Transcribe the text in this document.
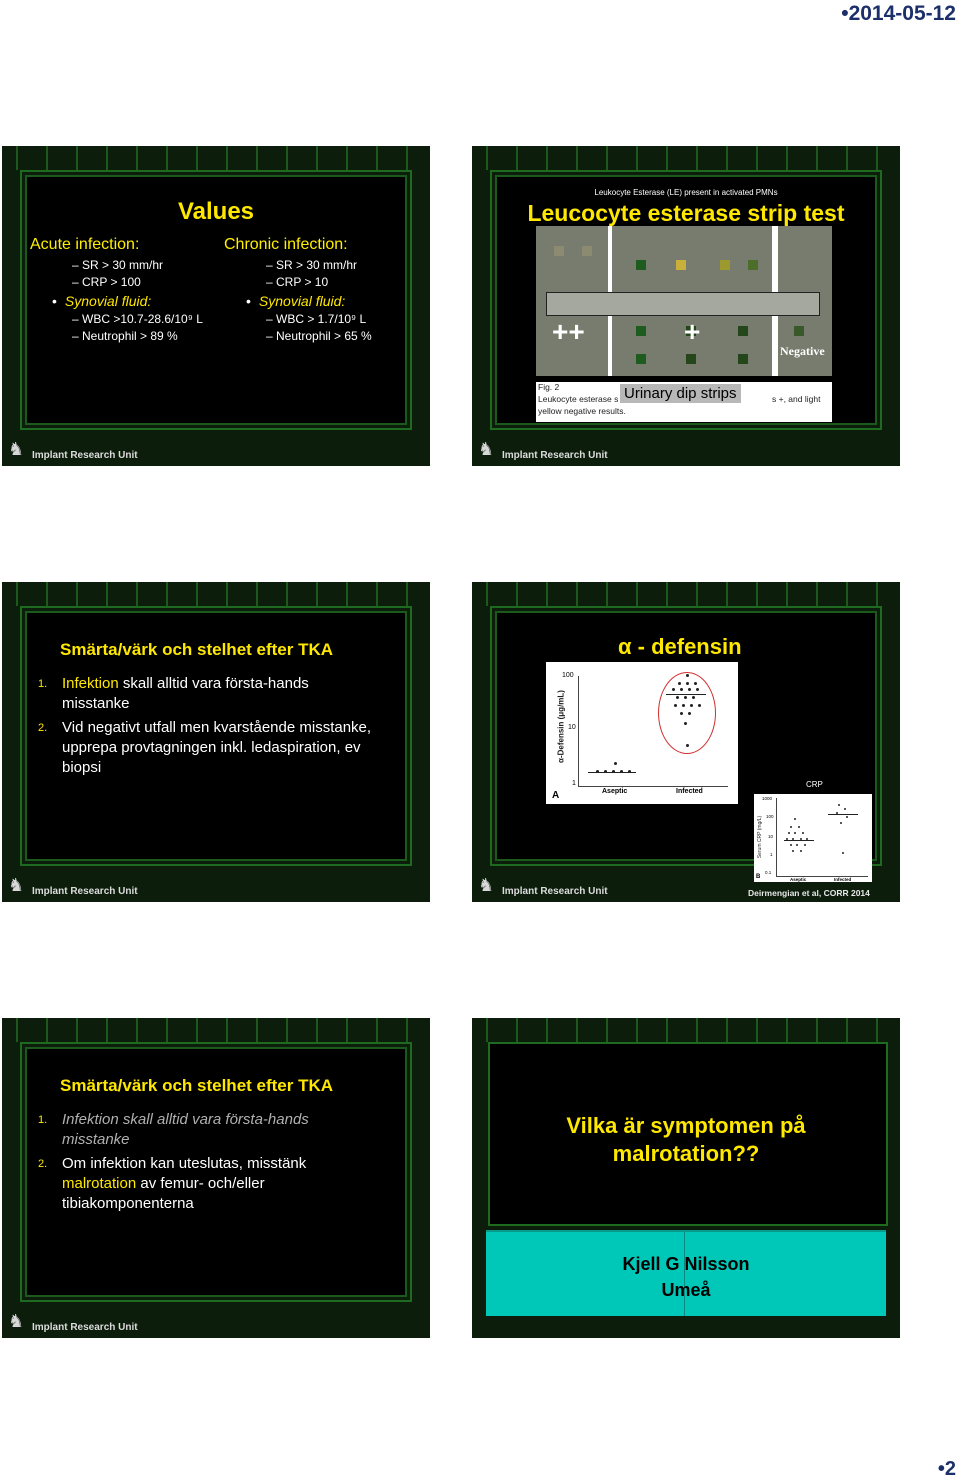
•2014-05-12
Values
Acute infection:
– SR > 30 mm/hr
– CRP > 100
• Synovial fluid:
– WBC >10.7-28.6/10⁹ L
– Neutrophil > 89 %
Chronic infection:
– SR > 30 mm/hr
– CRP > 10
• Synovial fluid:
– WBC > 1.7/10⁹ L
– Neutrophil > 65 %
♞ Implant Research Unit
Leukocyte Esterase (LE) present in activated PMNs
Leucocyte esterase strip test
++	+
Negative
Fig. 2
Leukocyte esterase s	s +, and light
yellow negative results.
Urinary dip strips
♞ Implant Research Unit
Smärta/värk och stelhet efter TKA
1. Infektion skall alltid vara första-hands misstanke
2. Vid negativt utfall men kvarstående misstanke, upprepa provtagningen inkl. ledaspiration, ev biopsi
♞ Implant Research Unit
α - defensin
α-Defensin (μg/mL)
100
10
1
Aseptic	Infected
A
CRP
Serum CRP (mg/L)
1000
100
10
1
0.1
Aseptic	Infected
B
Deirmengian et al, CORR 2014
♞ Implant Research Unit
Smärta/värk och stelhet efter TKA
1. Infektion skall alltid vara första-hands misstanke
2. Om infektion kan uteslutas, misstänk malrotation av femur- och/eller tibiakomponenterna
♞ Implant Research Unit
Vilka är symptomen på malrotation??
Kjell G Nilsson
Umeå
•2
